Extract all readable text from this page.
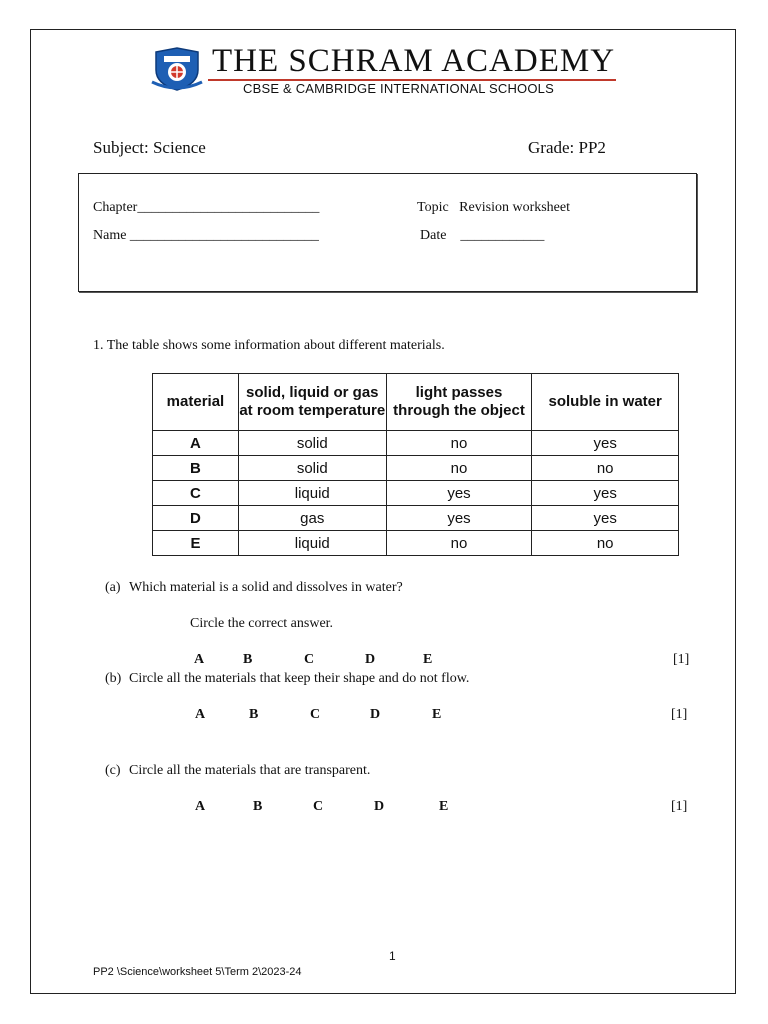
THE SCHRAM ACADEMY
CBSE & CAMBRIDGE INTERNATIONAL SCHOOLS
Subject: Science	Grade: PP2
Chapter__________________________
Name ___________________________
Topic   Revision worksheet
Date    ____________
1. The table shows some information about different materials.
material	solid, liquid or gas at room temperature	light passes through the object	soluble in water
A	solid	no	yes
B	solid	no	no
C	liquid	yes	yes
D	gas	yes	yes
E	liquid	no	no
(a) Which material is a solid and dissolves in water?
Circle the correct answer.
A	B	C	D	E	[1]
(b) Circle all the materials that keep their shape and do not flow.
A	B	C	D	E	[1]
(c) Circle all the materials that are transparent.
A	B	C	D	E	[1]
1
PP2 \Science\worksheet 5\Term 2\2023-24
